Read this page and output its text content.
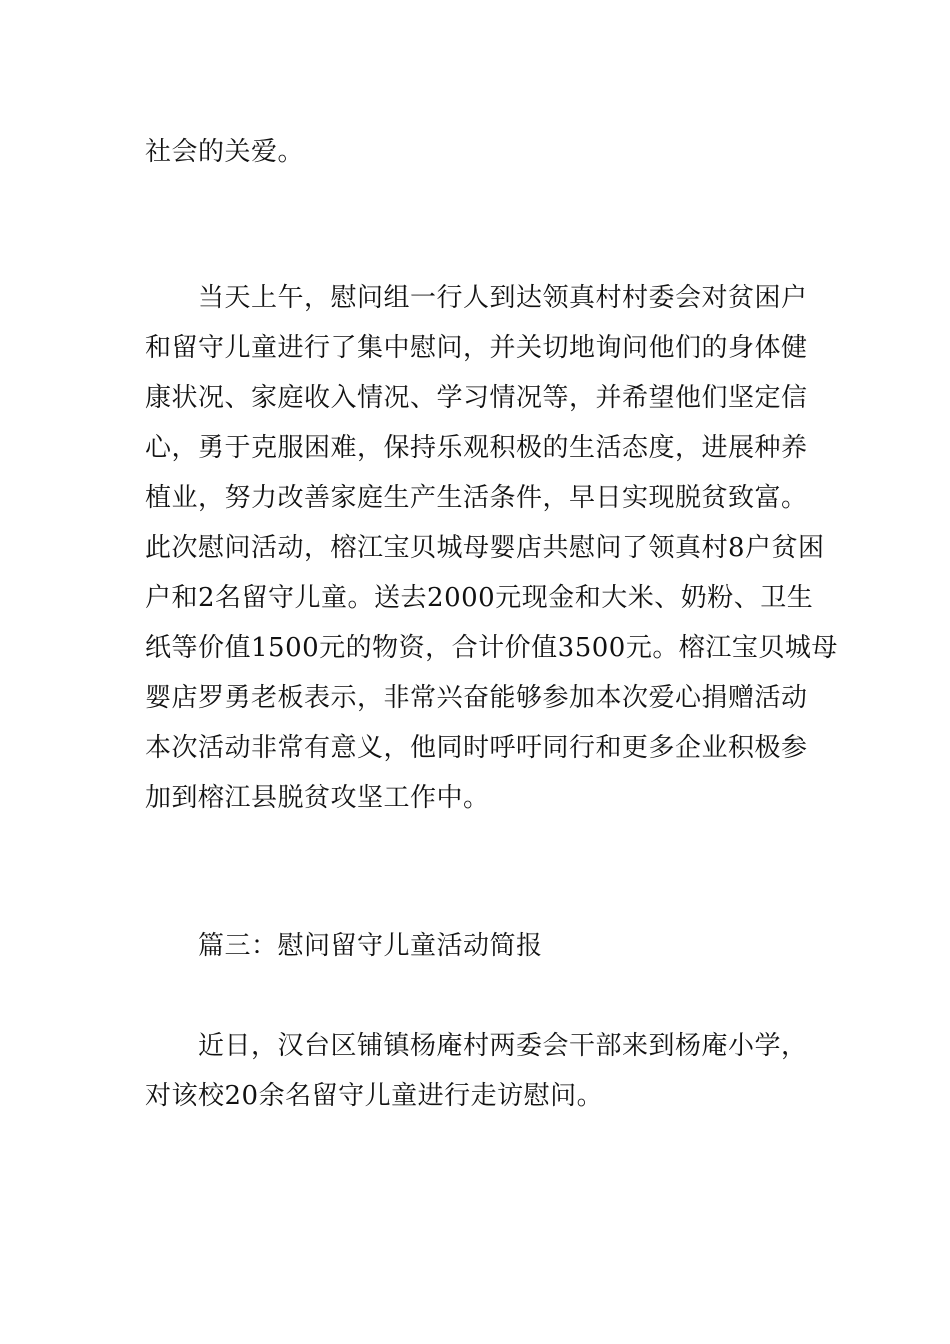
社会的关爱。
当天上午，慰问组一行人到达领真村村委会对贫困户
和留守儿童进行了集中慰问，并关切地询问他们的身体健
康状况、家庭收入情况、学习情况等，并希望他们坚定信
心，勇于克服困难，保持乐观积极的生活态度，进展种养
植业，努力改善家庭生产生活条件，早日实现脱贫致富。
此次慰问活动，榕江宝贝城母婴店共慰问了领真村8户贫困
户和2名留守儿童。送去2000元现金和大米、奶粉、卫生
纸等价值1500元的物资，合计价值3500元。榕江宝贝城母
婴店罗勇老板表示，非常兴奋能够参加本次爱心捐赠活动
本次活动非常有意义，他同时呼吁同行和更多企业积极参
加到榕江县脱贫攻坚工作中。
篇三：慰问留守儿童活动简报
近日，汉台区铺镇杨庵村两委会干部来到杨庵小学，
对该校20余名留守儿童进行走访慰问。
